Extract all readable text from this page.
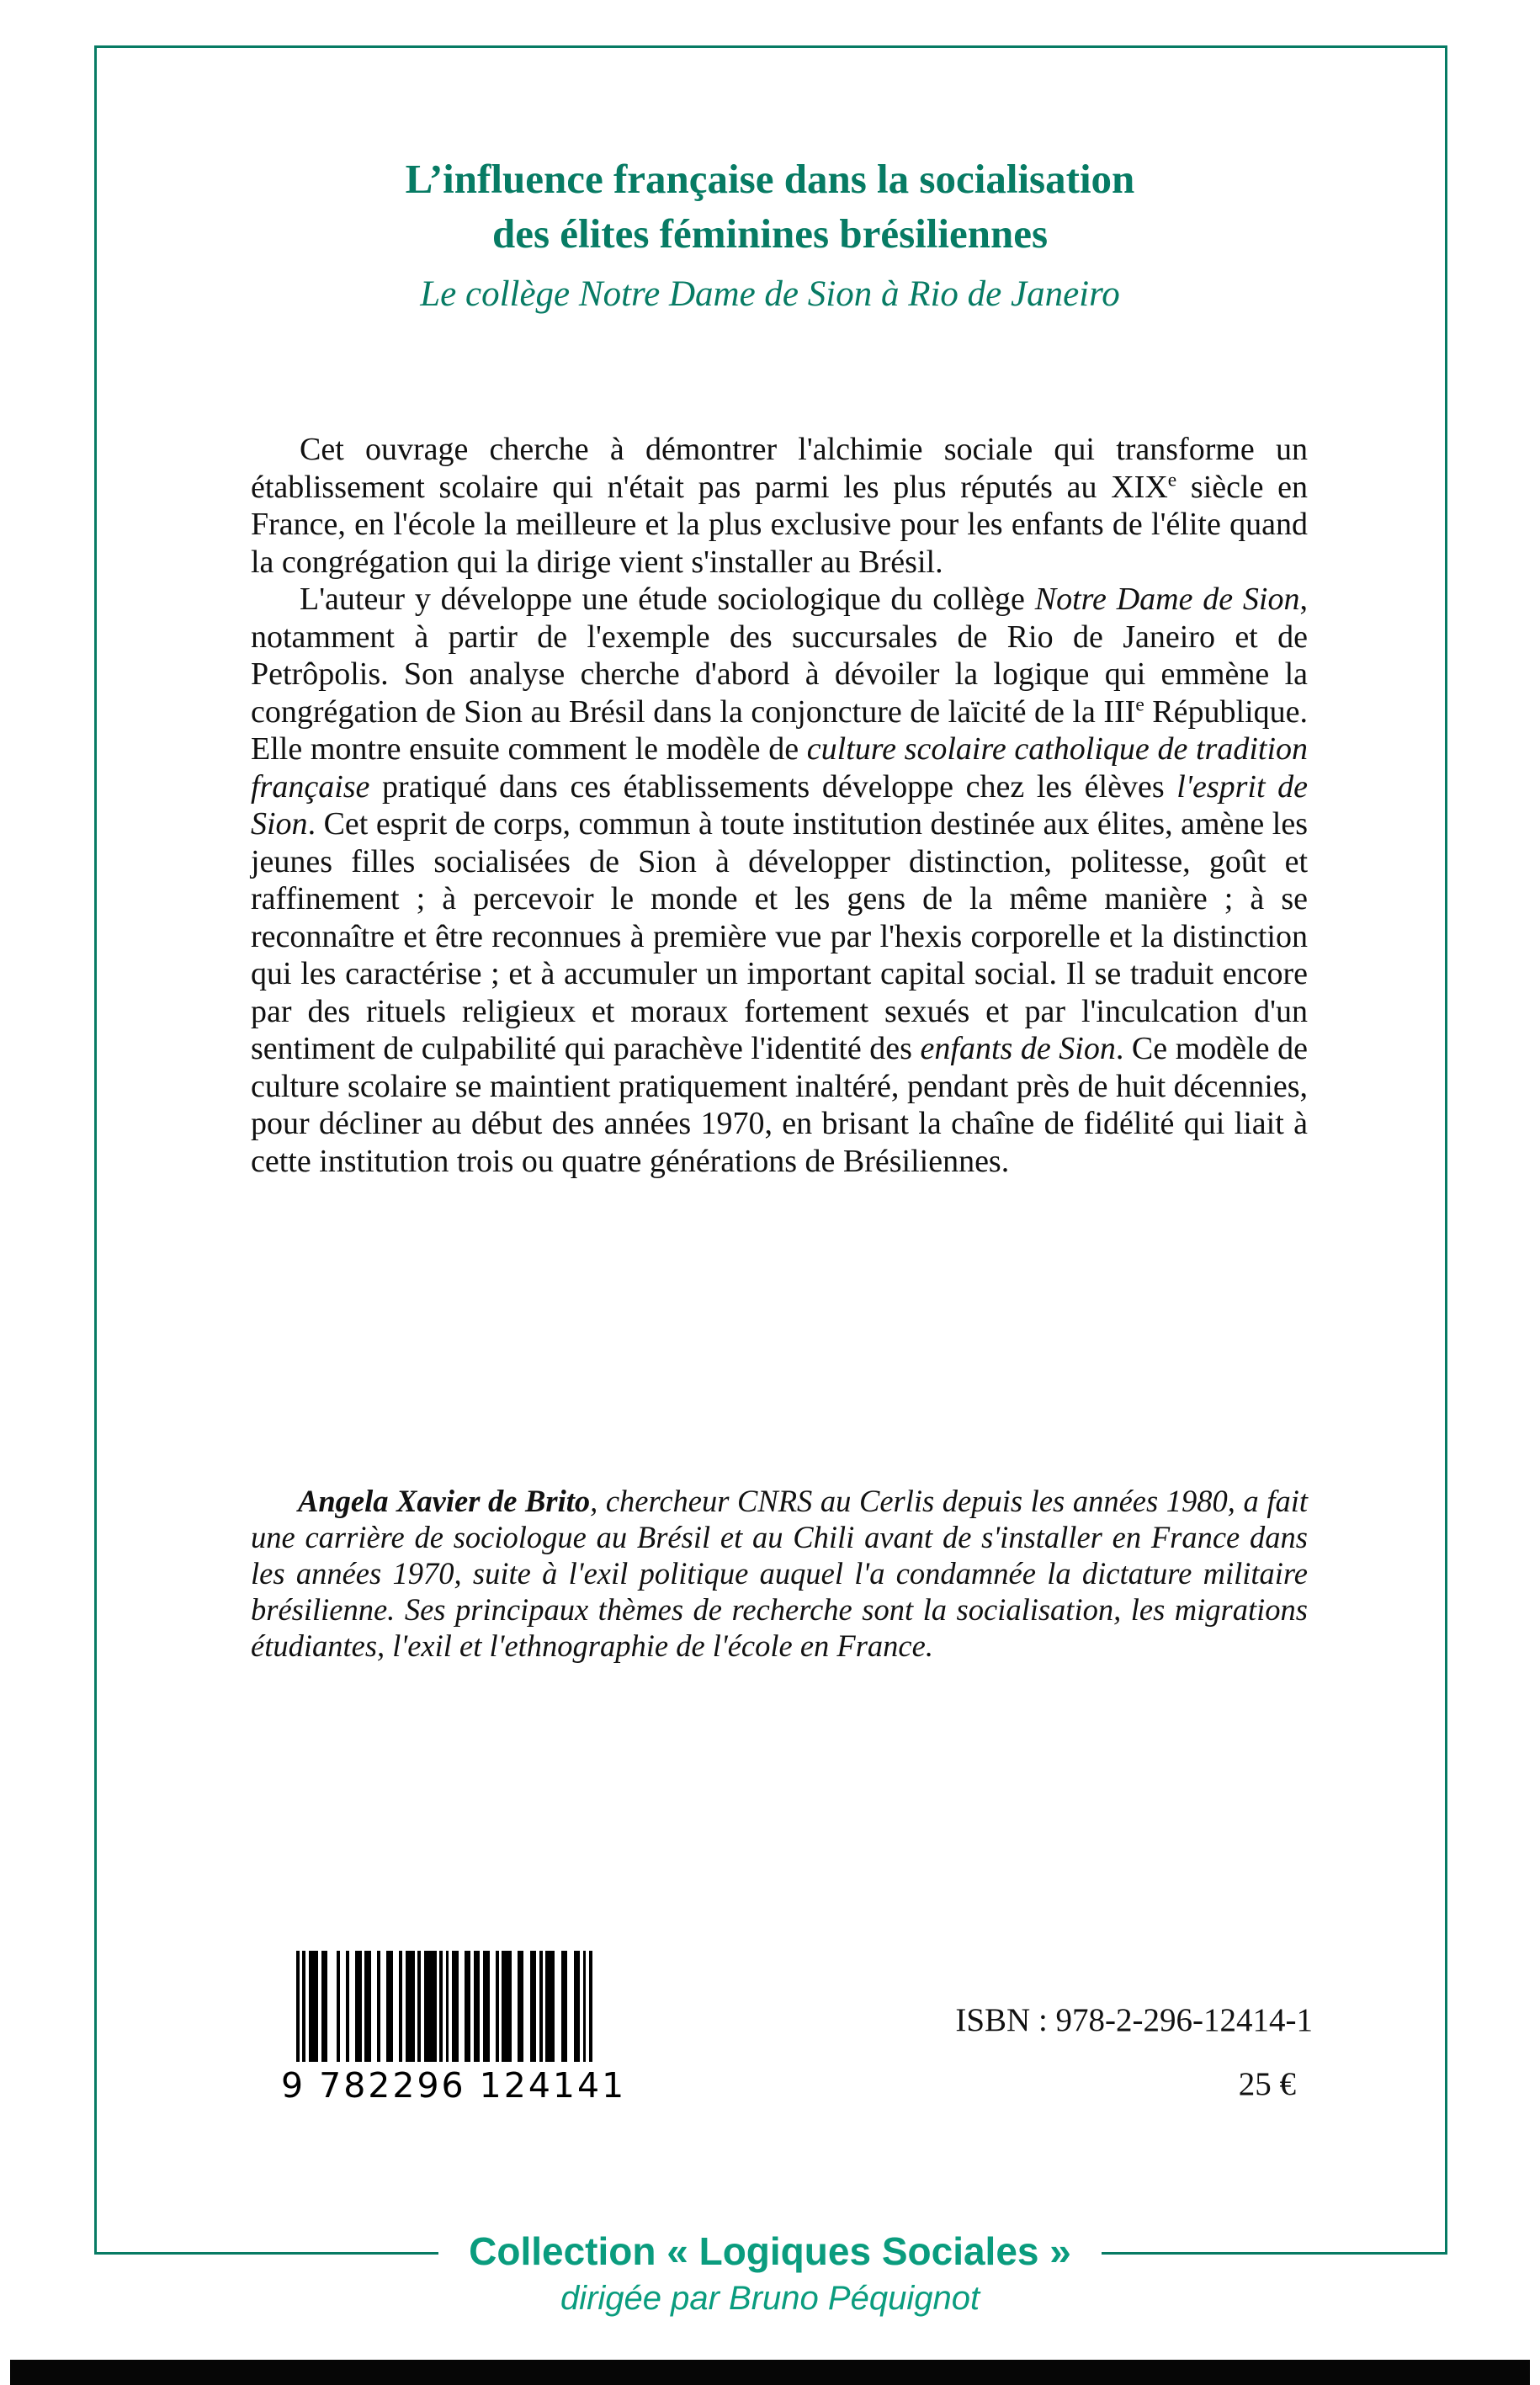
L’influence française dans la socialisation
des élites féminines brésiliennes
Le collège Notre Dame de Sion à Rio de Janeiro

Cet ouvrage cherche à démontrer l'alchimie sociale qui transforme un établissement scolaire qui n'était pas parmi les plus réputés au XIXe siècle en France, en l'école la meilleure et la plus exclusive pour les enfants de l'élite quand la congrégation qui la dirige vient s'installer au Brésil.

L'auteur y développe une étude sociologique du collège Notre Dame de Sion, notamment à partir de l'exemple des succursales de Rio de Janeiro et de Petrôpolis. Son analyse cherche d'abord à dévoiler la logique qui emmène la congrégation de Sion au Brésil dans la conjoncture de laïcité de la IIIe République. Elle montre ensuite comment le modèle de culture scolaire catholique de tradition française pratiqué dans ces établissements développe chez les élèves l'esprit de Sion. Cet esprit de corps, commun à toute institution destinée aux élites, amène les jeunes filles socialisées de Sion à développer distinction, politesse, goût et raffinement ; à percevoir le monde et les gens de la même manière ; à se reconnaître et être reconnues à première vue par l'hexis corporelle et la distinction qui les caractérise ; et à accumuler un important capital social. Il se traduit encore par des rituels religieux et moraux fortement sexués et par l'inculcation d'un sentiment de culpabilité qui parachève l'identité des enfants de Sion. Ce modèle de culture scolaire se maintient pratiquement inaltéré, pendant près de huit décennies, pour décliner au début des années 1970, en brisant la chaîne de fidélité qui liait à cette institution trois ou quatre générations de Brésiliennes.

Angela Xavier de Brito, chercheur CNRS au Cerlis depuis les années 1980, a fait une carrière de sociologue au Brésil et au Chili avant de s'installer en France dans les années 1970, suite à l'exil politique auquel l'a condamnée la dictature militaire brésilienne. Ses principaux thèmes de recherche sont la socialisation, les migrations étudiantes, l'exil et l'ethnographie de l'école en France.
9 782296 124141
ISBN : 978-2-296-12414-1
25 €
Collection « Logiques Sociales »
dirigée par Bruno Péquignot
